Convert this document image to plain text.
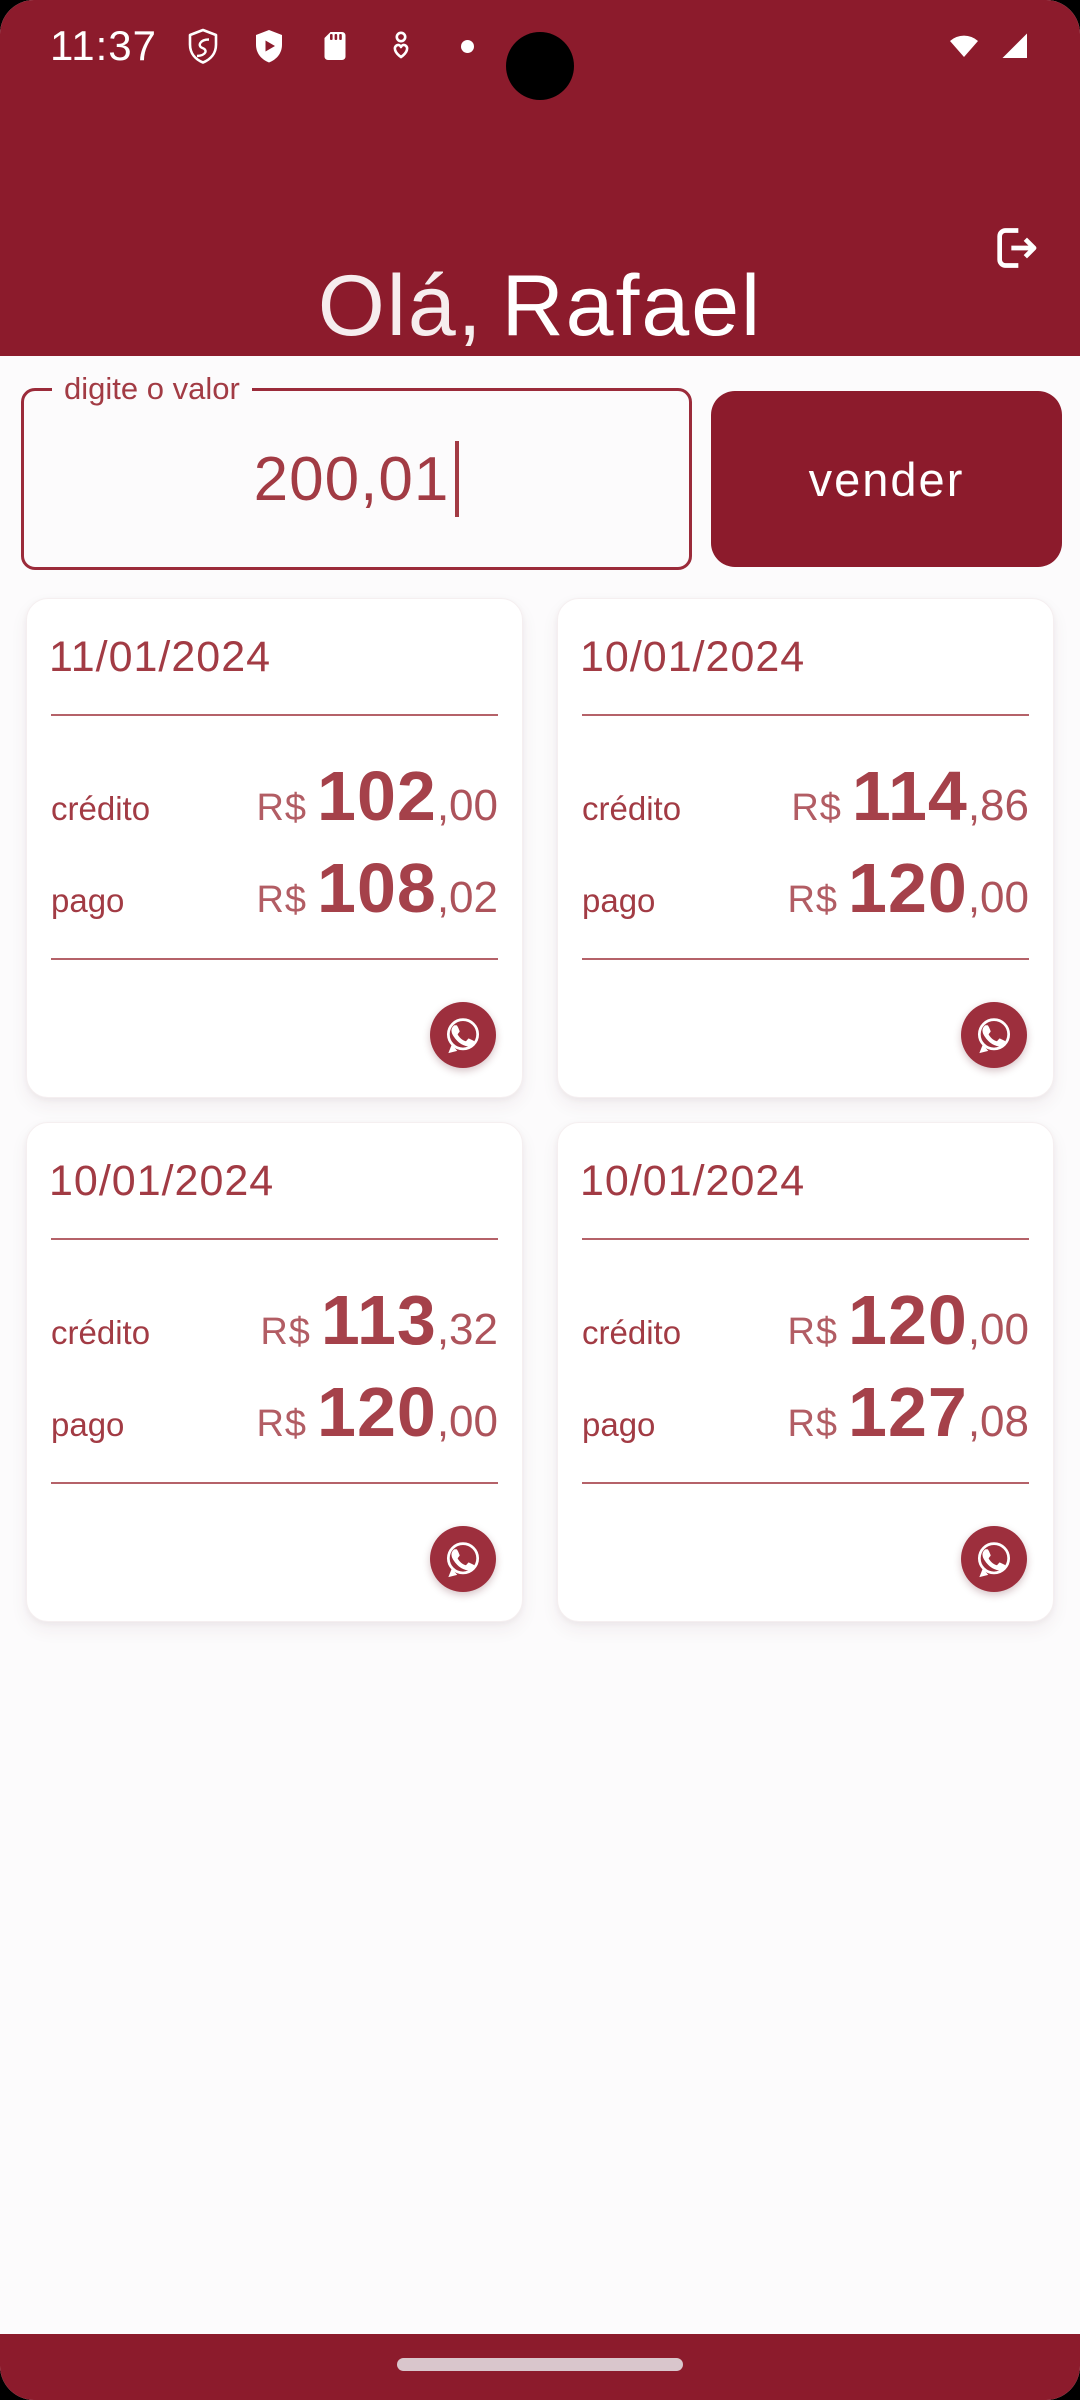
11:37
Olá, Rafael
digite o valor
200,01	vender
11/01/2024
crédito	R$ 102 ,00
pago	R$ 108 ,02
10/01/2024
crédito	R$ 114 ,86
pago	R$ 120 ,00
10/01/2024
crédito	R$ 113 ,32
pago	R$ 120 ,00
10/01/2024
crédito	R$ 120 ,00
pago	R$ 127 ,08
